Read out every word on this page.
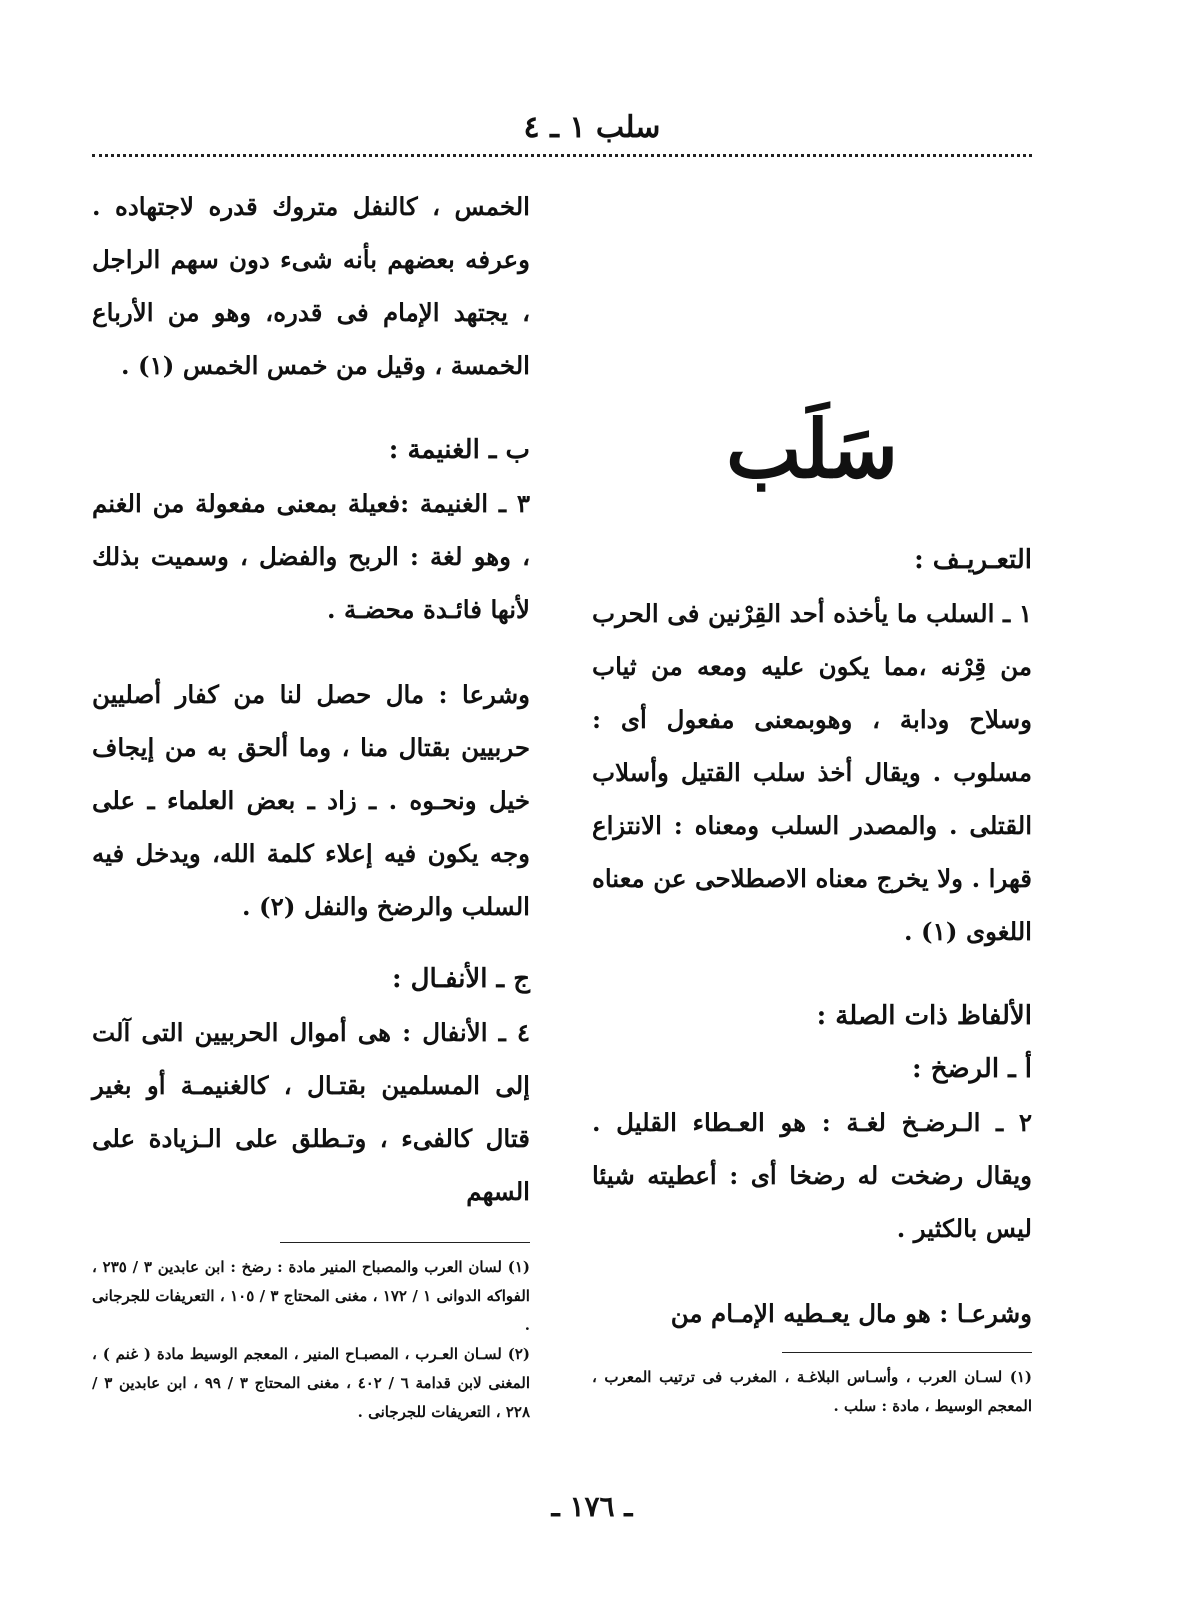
سلب ١ ـ ٤
سَلَب
التعـريـف :

١ ـ السلب ما يأخذه أحد القِرْنين فى الحرب من قِرْنه ،مما يكون عليه ومعه من ثياب وسلاح ودابة ، وهوبمعنى مفعول أى : مسلوب . ويقال أخذ سلب القتيل وأسلاب القتلى . والمصدر السلب ومعناه : الانتزاع قهرا . ولا يخرج معناه الاصطلاحى عن معناه اللغوى (١) .

الألفاظ ذات الصلة :
أ ـ الرضخ :

٢ ـ الـرضـخ لغـة : هو العـطاء القليل . ويقال رضخت له رضخا أى : أعطيته شيئا ليس بالكثير .

وشرعـا : هو مال يعـطيه الإمـام من

(١) لسـان العرب ، وأسـاس البلاغـة ، المغرب فى ترتيب المعرب ، المعجم الوسيط ، مادة : سلب .

الخمس ، كالنفل متروك قدره لاجتهاده . وعرفه بعضهم بأنه شىء دون سهم الراجل ، يجتهد الإمام فى قدره، وهو من الأرباع الخمسة ، وقيل من خمس الخمس (١) .

ب ـ الغنيمة :

٣ ـ الغنيمة :فعيلة بمعنى مفعولة من الغنم ، وهو لغة : الربح والفضل ، وسميت بذلك لأنها فائـدة محضـة .

وشرعا : مال حصل لنا من كفار أصليين حربيين بقتال منا ، وما ألحق به من إيجاف خيل ونحـوه . ـ زاد ـ بعض العلماء ـ على وجه يكون فيه إعلاء كلمة الله، ويدخل فيه السلب والرضخ والنفل (٢) .

ج ـ الأنفـال :

٤ ـ الأنفال : هى أموال الحربيين التى آلت إلى المسلمين بقتـال ، كالغنيمـة أو بغير قتال كالفىء ، وتـطلق على الـزيادة على السهم

(١) لسان العرب والمصباح المنير مادة : رضخ : ابن عابدين ٣ / ٢٣٥ ، الفواكه الدوانى ١ / ١٧٢ ، مغنى المحتاج ٣ / ١٠٥ ، التعريفات للجرجانى .

(٢) لسـان العـرب ، المصبـاح المنير ، المعجم الوسيط مادة ( غنم ) ، المغنى لابن قدامة ٦ / ٤٠٢ ، مغنى المحتاج ٣ / ٩٩ ، ابن عابدين ٣ / ٢٢٨ ، التعريفات للجرجانى .

ـ ١٧٦ ـ
